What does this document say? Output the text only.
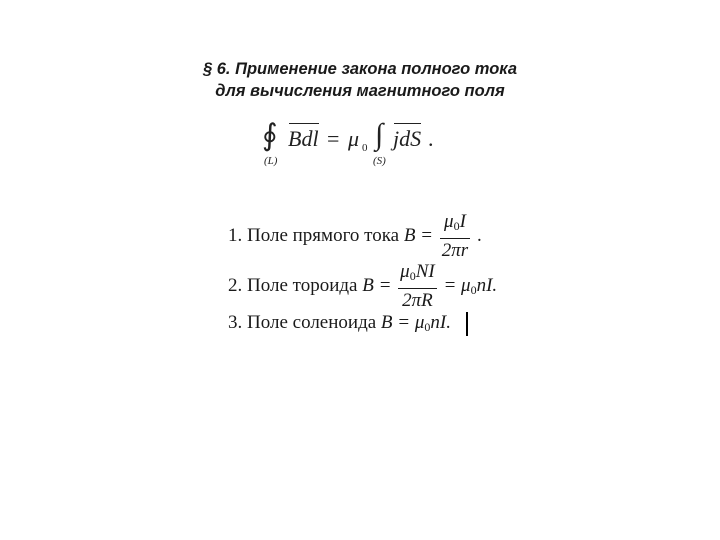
§ 6. Применение закона полного тока
для вычисления магнитного поля
∮ Bdl = μ 0 ∫ jdS .
(L)	(S)
1. Поле прямого тока $B = \frac{\mu 0I}{2\pi r}$ .
2. Поле тороида $B = \frac{\mu 0NI}{2\pi R} = \mu 0nI$.
3. Поле соленоида B = μ0nI.
